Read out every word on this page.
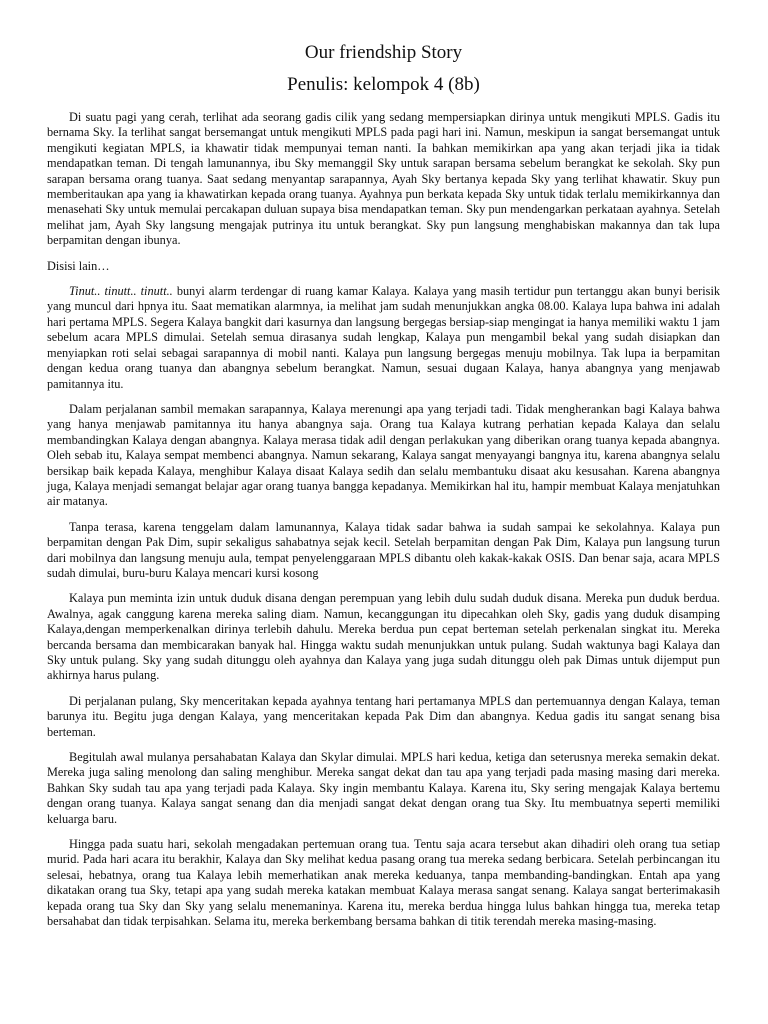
Our friendship Story
Penulis: kelompok 4 (8b)

Di suatu pagi yang cerah, terlihat ada seorang gadis cilik yang sedang mempersiapkan dirinya untuk mengikuti MPLS. Gadis itu bernama Sky. Ia terlihat sangat bersemangat untuk mengikuti MPLS pada pagi hari ini. Namun, meskipun ia sangat bersemangat untuk mengikuti kegiatan MPLS, ia khawatir tidak mempunyai teman nanti. Ia bahkan memikirkan apa yang akan terjadi jika ia tidak mendapatkan teman. Di tengah lamunannya, ibu Sky memanggil Sky untuk sarapan bersama sebelum berangkat ke sekolah. Sky pun sarapan bersama orang tuanya. Saat sedang menyantap sarapannya, Ayah Sky bertanya kepada Sky yang terlihat khawatir. Skuy pun memberitaukan apa yang ia khawatirkan kepada orang tuanya. Ayahnya pun berkata kepada Sky untuk tidak terlalu memikirkannya dan menasehati Sky untuk memulai percakapan duluan supaya bisa mendapatkan teman. Sky pun mendengarkan perkataan ayahnya. Setelah melihat jam, Ayah Sky langsung mengajak putrinya itu untuk berangkat. Sky pun langsung menghabiskan makannya dan tak lupa berpamitan dengan ibunya.

Disisi lain…

Tinut.. tinutt.. tinutt.. bunyi alarm terdengar di ruang kamar Kalaya. Kalaya yang masih tertidur pun tertanggu akan bunyi berisik yang muncul dari hpnya itu. Saat mematikan alarmnya, ia melihat jam sudah menunjukkan angka 08.00. Kalaya lupa bahwa ini adalah hari pertama MPLS. Segera Kalaya bangkit dari kasurnya dan langsung bergegas bersiap-siap mengingat ia hanya memiliki waktu 1 jam sebelum acara MPLS dimulai. Setelah semua dirasanya sudah lengkap, Kalaya pun mengambil bekal yang sudah disiapkan dan menyiapkan roti selai sebagai sarapannya di mobil nanti. Kalaya pun langsung bergegas menuju mobilnya. Tak lupa ia berpamitan dengan kedua orang tuanya dan abangnya sebelum berangkat. Namun, sesuai dugaan Kalaya, hanya abangnya yang menjawab pamitannya itu.

Dalam perjalanan sambil memakan sarapannya, Kalaya merenungi apa yang terjadi tadi. Tidak mengherankan bagi Kalaya bahwa yang hanya menjawab pamitannya itu hanya abangnya saja. Orang tua Kalaya kutrang perhatian kepada Kalaya dan selalu membandingkan Kalaya dengan abangnya. Kalaya merasa tidak adil dengan perlakukan yang diberikan orang tuanya kepada abangnya. Oleh sebab itu, Kalaya sempat membenci abangnya. Namun sekarang, Kalaya sangat menyayangi bangnya itu, karena abangnya selalu bersikap baik kepada Kalaya, menghibur Kalaya disaat Kalaya sedih dan selalu membantuku disaat aku kesusahan. Karena abangnya juga, Kalaya menjadi semangat belajar agar orang tuanya bangga kepadanya. Memikirkan hal itu, hampir membuat Kalaya menjatuhkan air matanya.

Tanpa terasa, karena tenggelam dalam lamunannya, Kalaya tidak sadar bahwa ia sudah sampai ke sekolahnya. Kalaya pun berpamitan dengan Pak Dim, supir sekaligus sahabatnya sejak kecil. Setelah berpamitan dengan Pak Dim, Kalaya pun langsung turun dari mobilnya dan langsung menuju aula, tempat penyelenggaraan MPLS dibantu oleh kakak-kakak OSIS. Dan benar saja, acara MPLS sudah dimulai, buru-buru Kalaya mencari kursi kosong

Kalaya pun meminta izin untuk duduk disana dengan perempuan yang lebih dulu sudah duduk disana. Mereka pun duduk berdua. Awalnya, agak canggung karena mereka saling diam. Namun, kecanggungan itu dipecahkan oleh Sky, gadis yang duduk disamping Kalaya,dengan memperkenalkan dirinya terlebih dahulu. Mereka berdua pun cepat berteman setelah perkenalan singkat itu. Mereka bercanda bersama dan membicarakan banyak hal. Hingga waktu sudah menunjukkan untuk pulang. Sudah waktunya bagi Kalaya dan Sky untuk pulang. Sky yang sudah ditunggu oleh ayahnya dan Kalaya yang juga sudah ditunggu oleh pak Dimas untuk dijemput pun akhirnya harus pulang.

Di perjalanan pulang, Sky menceritakan kepada ayahnya tentang hari pertamanya MPLS dan pertemuannya dengan Kalaya, teman barunya itu. Begitu juga dengan Kalaya, yang menceritakan kepada Pak Dim dan abangnya. Kedua gadis itu sangat senang bisa berteman.

Begitulah awal mulanya persahabatan Kalaya dan Skylar dimulai. MPLS hari kedua, ketiga dan seterusnya mereka semakin dekat. Mereka juga saling menolong dan saling menghibur. Mereka sangat dekat dan tau apa yang terjadi pada masing masing dari mereka. Bahkan Sky sudah tau apa yang terjadi pada Kalaya. Sky ingin membantu Kalaya. Karena itu, Sky sering mengajak Kalaya bertemu dengan orang tuanya. Kalaya sangat senang dan dia menjadi sangat dekat dengan orang tua Sky. Itu membuatnya seperti memiliki keluarga baru.

Hingga pada suatu hari, sekolah mengadakan pertemuan orang tua. Tentu saja acara tersebut akan dihadiri oleh orang tua setiap murid. Pada hari acara itu berakhir, Kalaya dan Sky melihat kedua pasang orang tua mereka sedang berbicara. Setelah perbincangan itu selesai, hebatnya, orang tua Kalaya lebih memerhatikan anak mereka keduanya, tanpa membanding-bandingkan. Entah apa yang dikatakan orang tua Sky, tetapi apa yang sudah mereka katakan membuat Kalaya merasa sangat senang. Kalaya sangat berterimakasih kepada orang tua Sky dan Sky yang selalu menemaninya. Karena itu, mereka berdua hingga lulus bahkan hingga tua, mereka tetap bersahabat dan tidak terpisahkan. Selama itu, mereka berkembang bersama bahkan di titik terendah mereka masing-masing.
